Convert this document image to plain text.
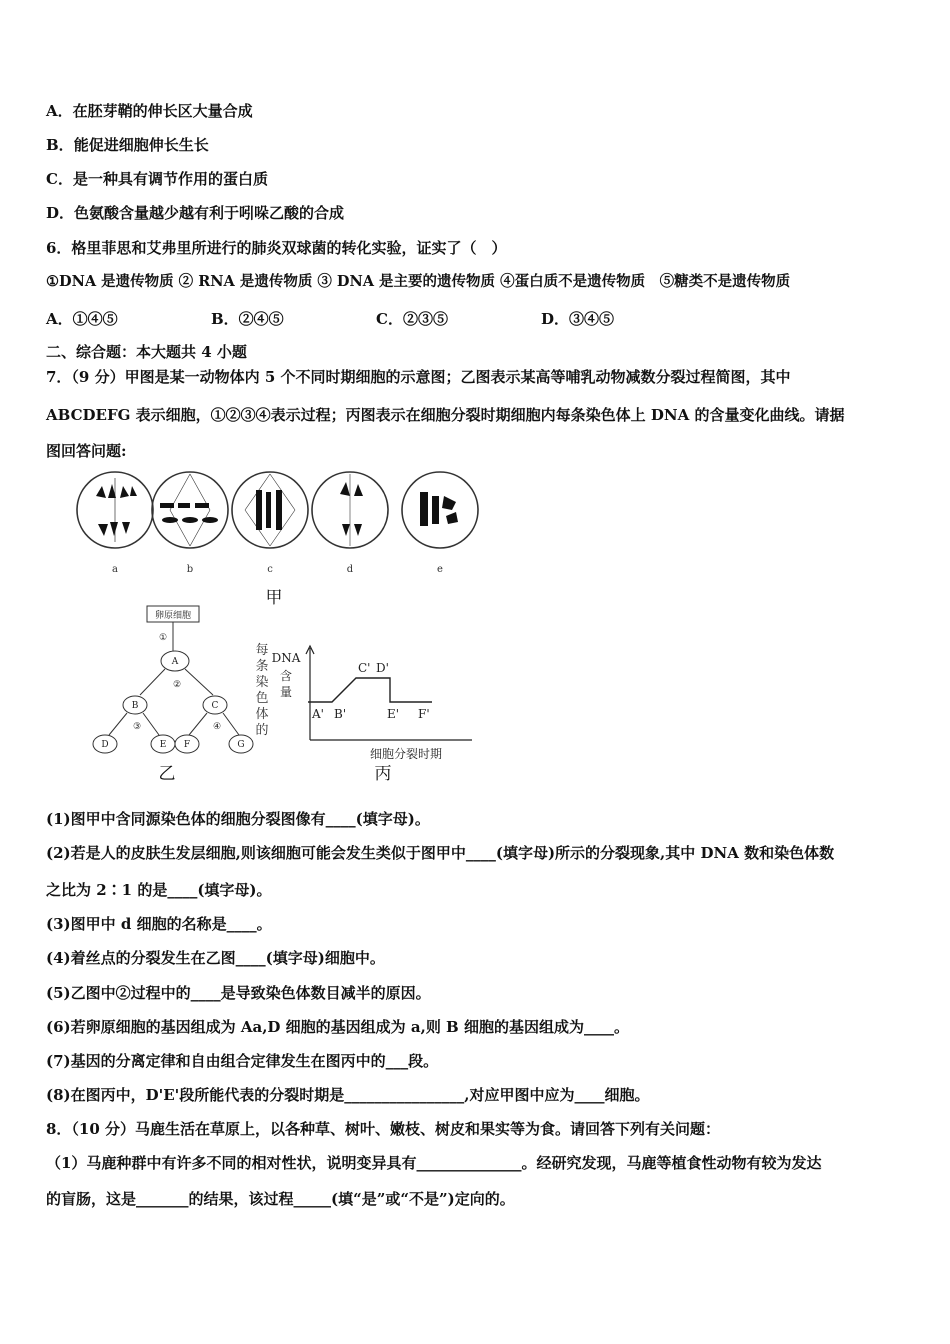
A．在胚芽鞘的伸长区大量合成
B．能促进细胞伸长生长
C．是一种具有调节作用的蛋白质
D．色氨酸含量越少越有利于吲哚乙酸的合成
6．格里菲思和艾弗里所进行的肺炎双球菌的转化实验，证实了（　）
①DNA 是遗传物质 ② RNA 是遗传物质 ③ DNA 是主要的遗传物质 ④蛋白质不是遗传物质　⑤糖类不是遗传物质
A．①④⑤	B．②④⑤	C．②③⑤	D．③④⑤
二、综合题：本大题共 4 小题
7．（9 分）甲图是某一动物体内 5 个不同时期细胞的示意图；乙图表示某高等哺乳动物减数分裂过程简图，其中
ABCDEFG 表示细胞，①②③④表示过程；丙图表示在细胞分裂时期细胞内每条染色体上 DNA 的含量变化曲线。请据
图回答问题:
a	b	c	d	e
甲
卵原细胞
A
B	C
D	E F	G
①
②
③	④
乙
每
条
染
色
体
的
DNA
含
量
A' B'
C' D'
E' F'
细胞分裂时期
丙
(1)图甲中含同源染色体的细胞分裂图像有____(填字母)。
(2)若是人的皮肤生发层细胞,则该细胞可能会发生类似于图甲中____(填字母)所示的分裂现象,其中 DNA 数和染色体数
之比为 2∶1 的是____(填字母)。
(3)图甲中 d 细胞的名称是____。
(4)着丝点的分裂发生在乙图____(填字母)细胞中。
(5)乙图中②过程中的____是导致染色体数目减半的原因。
(6)若卵原细胞的基因组成为 Aa,D 细胞的基因组成为 a,则 B 细胞的基因组成为____。
(7)基因的分离定律和自由组合定律发生在图丙中的___段。
(8)在图丙中，D'E'段所能代表的分裂时期是________________,对应甲图中应为____细胞。
8．（10 分）马鹿生活在草原上，以各种草、树叶、嫩枝、树皮和果实等为食。请回答下列有关问题：
（1）马鹿种群中有许多不同的相对性状，说明变异具有______________。经研究发现，马鹿等植食性动物有较为发达
的盲肠，这是_______的结果，该过程_____(填“是”或“不是”)定向的。
